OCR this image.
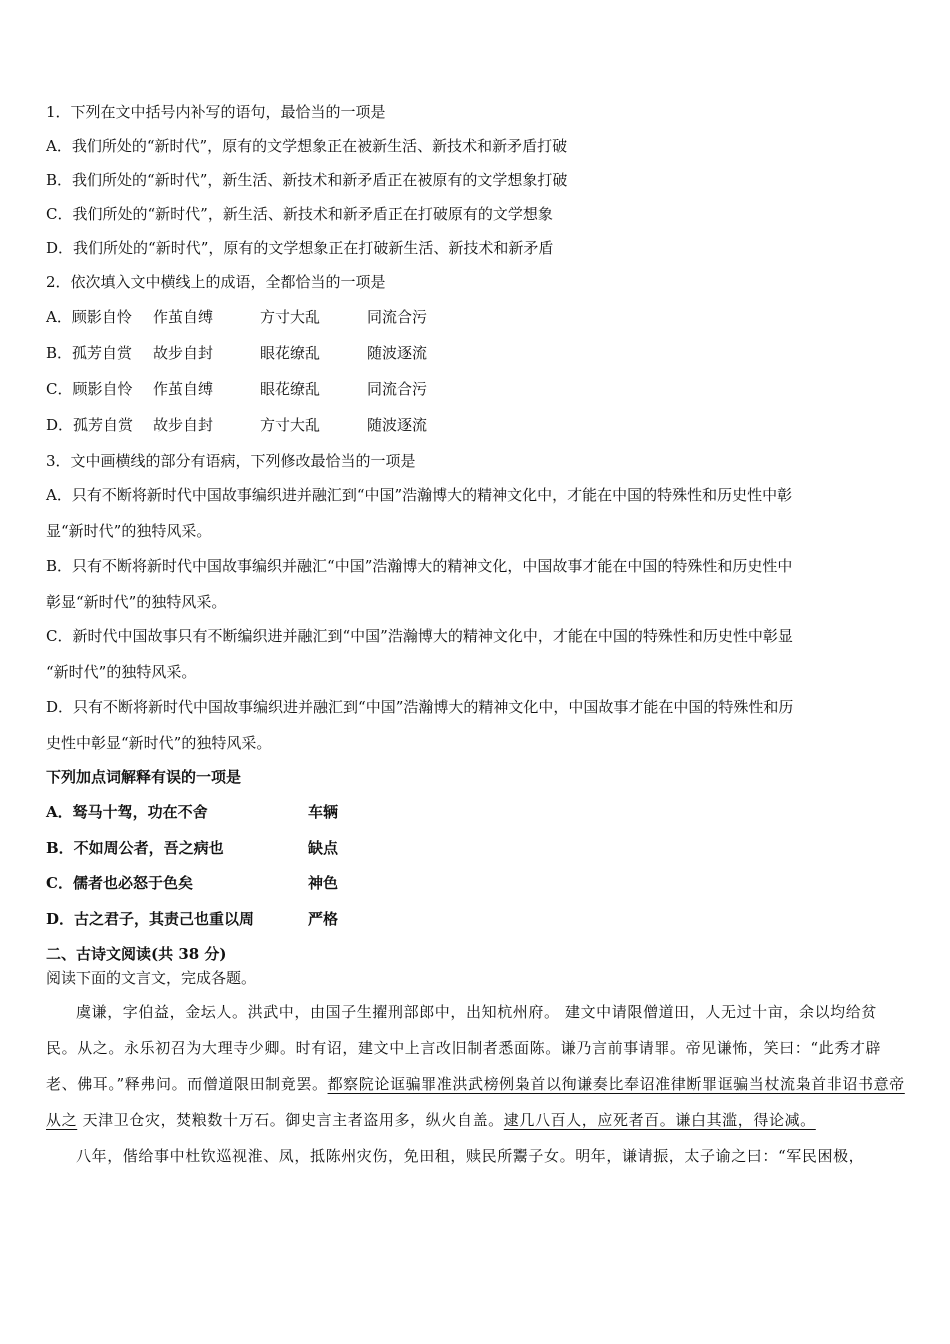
1．下列在文中括号内补写的语句，最恰当的一项是
A．我们所处的“新时代”，原有的文学想象正在被新生活、新技术和新矛盾打破
B．我们所处的“新时代”，新生活、新技术和新矛盾正在被原有的文学想象打破
C．我们所处的“新时代”，新生活、新技术和新矛盾正在打破原有的文学想象
D．我们所处的“新时代”，原有的文学想象正在打破新生活、新技术和新矛盾
2．依次填入文中横线上的成语，全都恰当的一项是
A．顾影自怜 作茧自缚	方寸大乱	同流合污
B．孤芳自赏 故步自封	眼花缭乱	随波逐流
C．顾影自怜 作茧自缚	眼花缭乱	同流合污
D．孤芳自赏 故步自封	方寸大乱	随波逐流
3．文中画横线的部分有语病，下列修改最恰当的一项是
A．只有不断将新时代中国故事编织进并融汇到“中国”浩瀚博大的精神文化中，才能在中国的特殊性和历史性中彰
显“新时代”的独特风采。
B．只有不断将新时代中国故事编织并融汇“中国”浩瀚博大的精神文化，中国故事才能在中国的特殊性和历史性中
彰显“新时代”的独特风采。
C．新时代中国故事只有不断编织进并融汇到“中国”浩瀚博大的精神文化中，才能在中国的特殊性和历史性中彰显
“新时代”的独特风采。
D．只有不断将新时代中国故事编织进并融汇到“中国”浩瀚博大的精神文化中，中国故事才能在中国的特殊性和历
史性中彰显“新时代”的独特风采。
下列加点词解释有误的一项是
A．驽马十驾，功在不舍	车辆
B．不如周公者，吾之病也	缺点
C．儒者也必怒于色矣	神色
D．古之君子，其责己也重以周	严格
二、古诗文阅读(共 38 分)
阅读下面的文言文，完成各题。

虞谦，字伯益，金坛人。洪武中，由国子生擢刑部郎中，出知杭州府。 建文中请限僧道田，人无过十亩，余以均给贫民。从之。永乐初召为大理寺少卿。时有诏，建文中上言改旧制者悉面陈。谦乃言前事请罪。帝见谦怖，笑曰：“此秀才辟老、佛耳。”释弗问。而僧道限田制竟罢。都察院论诓骗罪准洪武榜例枭首以徇谦奏比奉诏准律断罪诓骗当杖流枭首非诏书意帝从之 天津卫仓灾，焚粮数十万石。御史言主者盗用多，纵火自盖。逮几八百人，应死者百。谦白其滥，得论减。

八年，偕给事中杜钦巡视淮、凤，抵陈州灾伤，免田租，赎民所鬻子女。明年，谦请振，太子谕之曰：“军民困极，
